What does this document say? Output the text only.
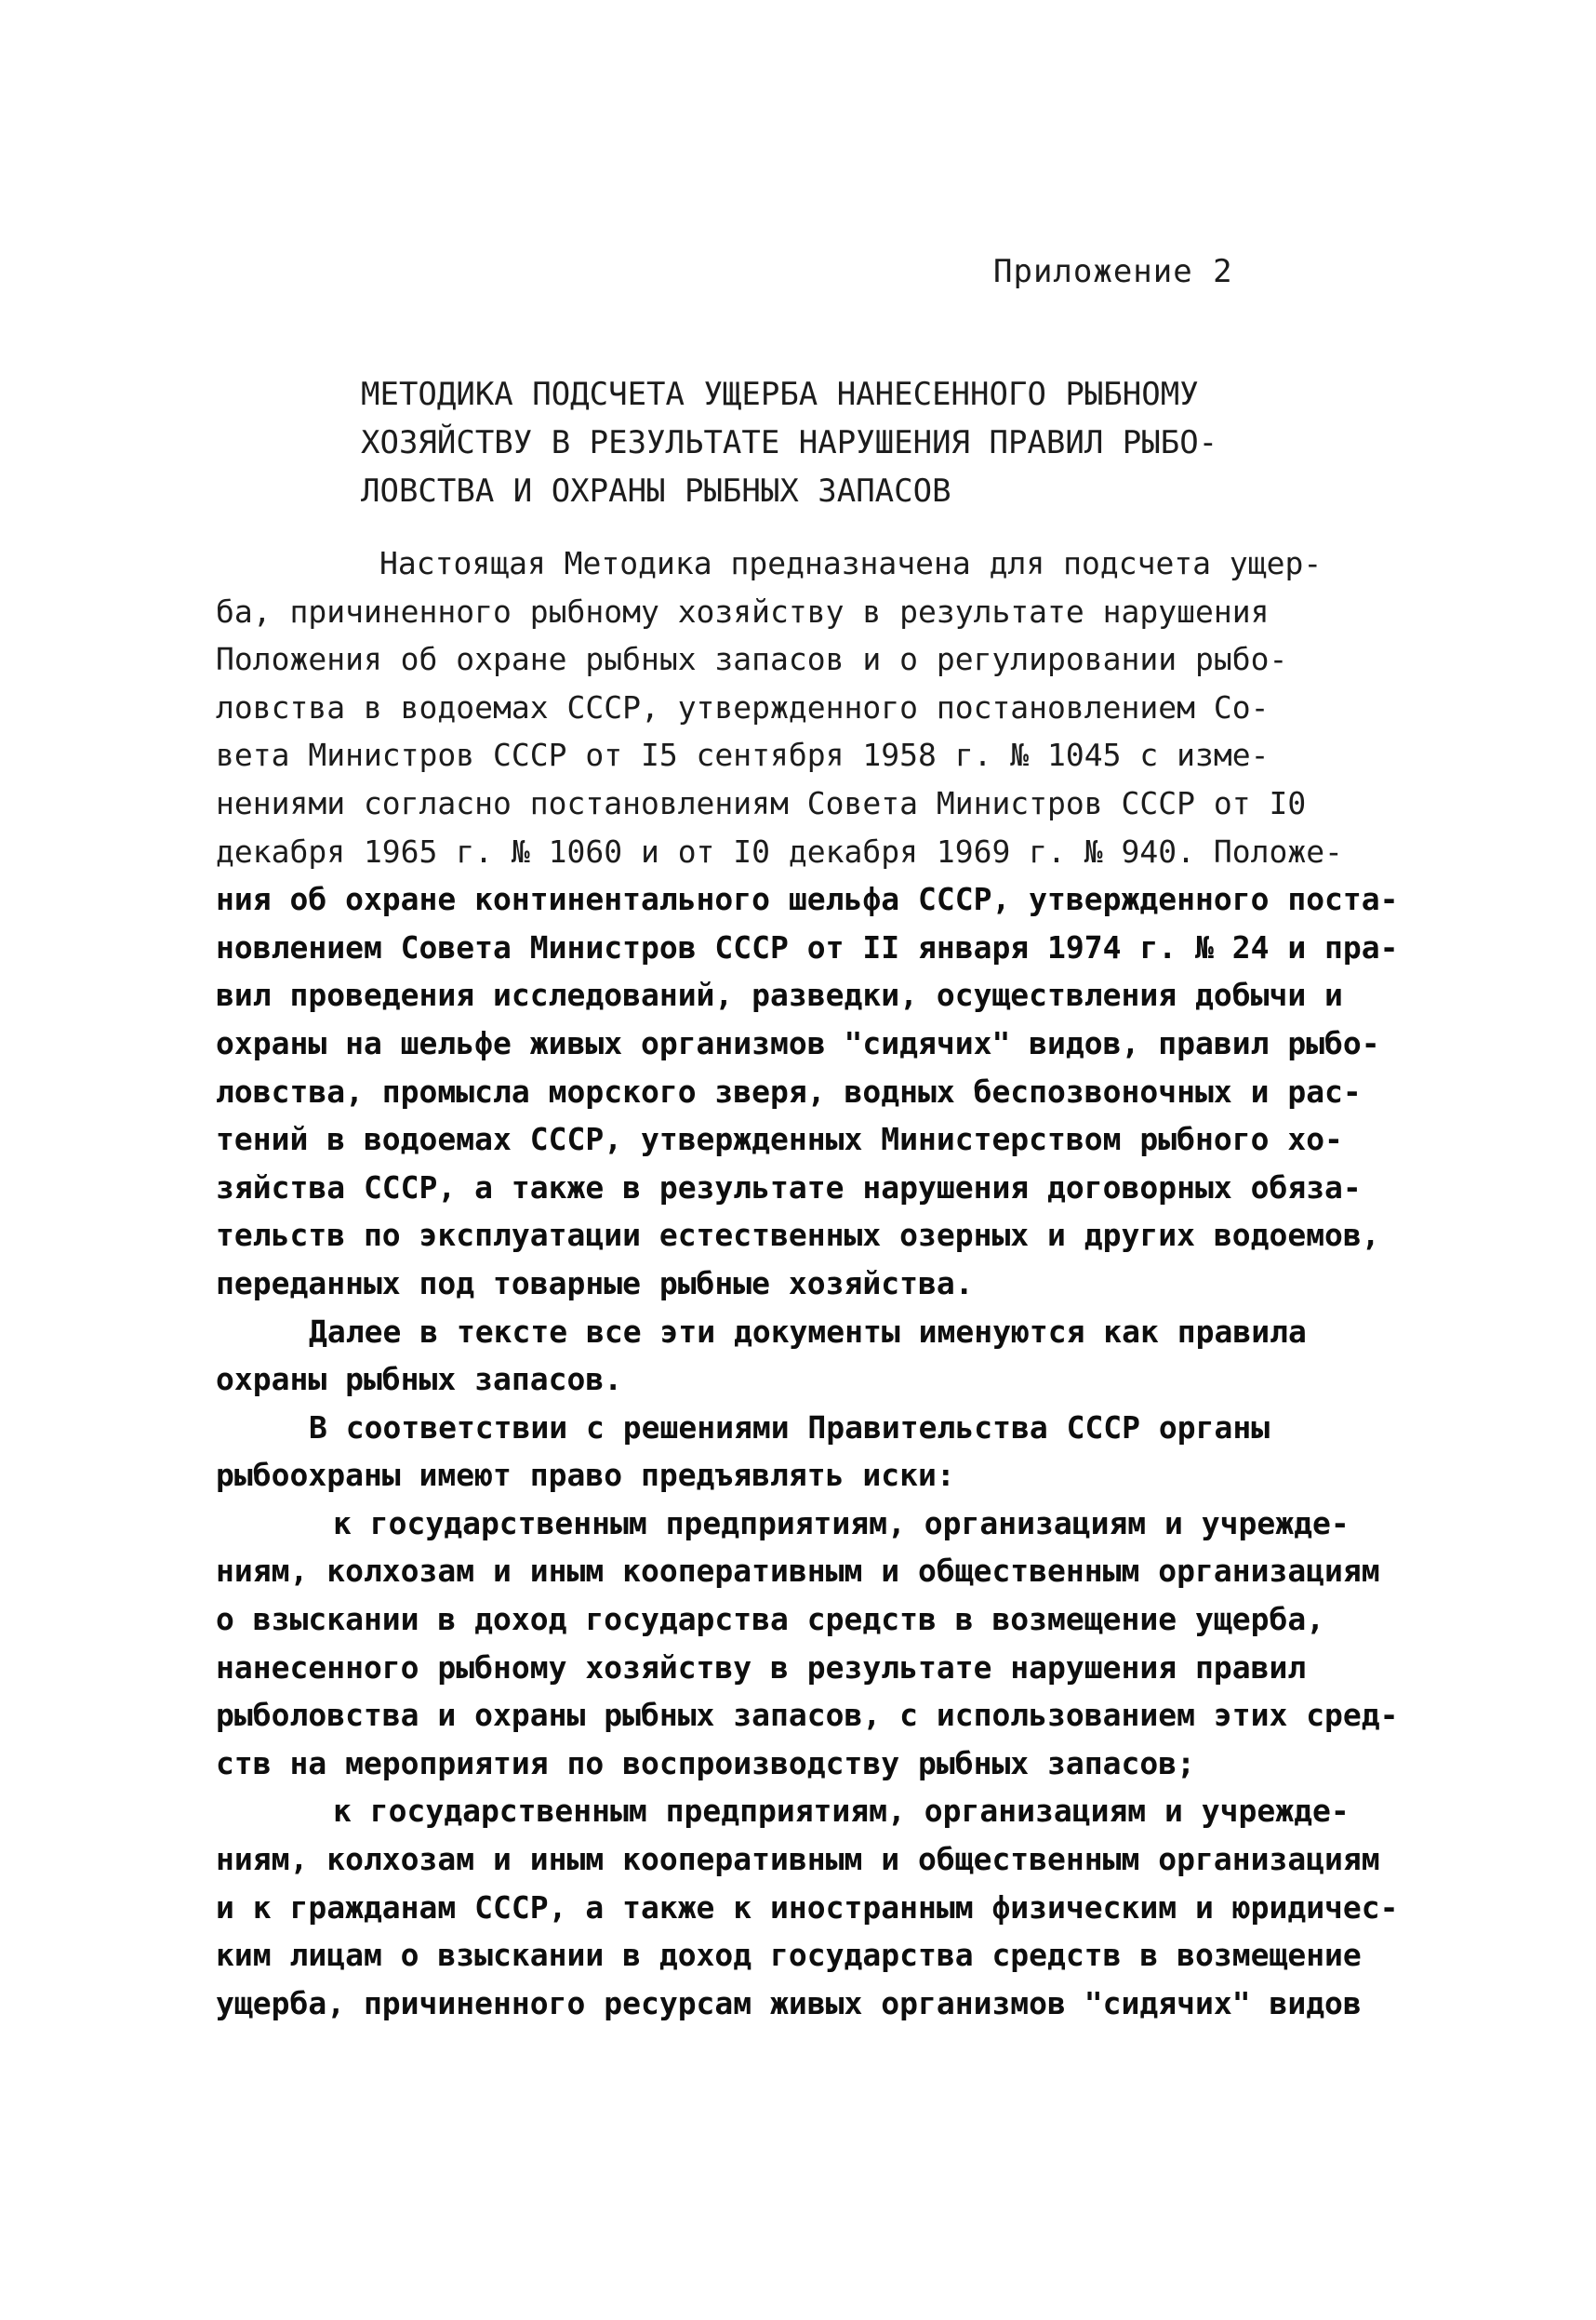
Приложение 2
МЕТОДИКА ПОДСЧЕТА УЩЕРБА НАНЕСЕННОГО РЫБНОМУ
ХОЗЯЙСТВУ В РЕЗУЛЬТАТЕ НАРУШЕНИЯ ПРАВИЛ РЫБО-
ЛОВСТВА И ОХРАНЫ РЫБНЫХ ЗАПАСОВ
Настоящая Методика предназначена для подсчета ущер-
ба, причиненного рыбному хозяйству в результате нарушения
Положения об охране рыбных запасов и о регулировании рыбо-
ловства в водоемах СССР, утвержденного постановлением Со-
вета Министров СССР от I5 сентября 1958 г. № 1045 с изме-
нениями согласно постановлениям Совета Министров СССР от I0
декабря 1965 г. № 1060 и от I0 декабря 1969 г. № 940. Положе-
ния об охране континентального шельфа СССР, утвержденного поста-
новлением Совета Министров СССР от II января 1974 г. № 24 и пра-
вил проведения исследований, разведки, осуществления добычи и
охраны на шельфе живых организмов "сидячих" видов, правил рыбо-
ловства, промысла морского зверя, водных беспозвоночных и рас-
тений в водоемах СССР, утвержденных Министерством рыбного хо-
зяйства СССР, а также в результате нарушения договорных обяза-
тельств по эксплуатации естественных озерных и других водоемов,
переданных под товарные рыбные хозяйства.
Далее в тексте все эти документы именуются как правила
охраны рыбных запасов.
В соответствии с решениями Правительства СССР органы
рыбоохраны имеют право предъявлять иски:
к государственным предприятиям, организациям и учрежде-
ниям, колхозам и иным кооперативным и общественным организациям
о взыскании в доход государства средств в возмещение ущерба,
нанесенного рыбному хозяйству в результате нарушения правил
рыболовства и охраны рыбных запасов, с использованием этих сред-
ств на мероприятия по воспроизводству рыбных запасов;
к государственным предприятиям, организациям и учрежде-
ниям, колхозам и иным кооперативным и общественным организациям
и к гражданам СССР, а также к иностранным физическим и юридичес-
ким лицам о взыскании в доход государства средств в возмещение
ущерба, причиненного ресурсам живых организмов "сидячих" видов
